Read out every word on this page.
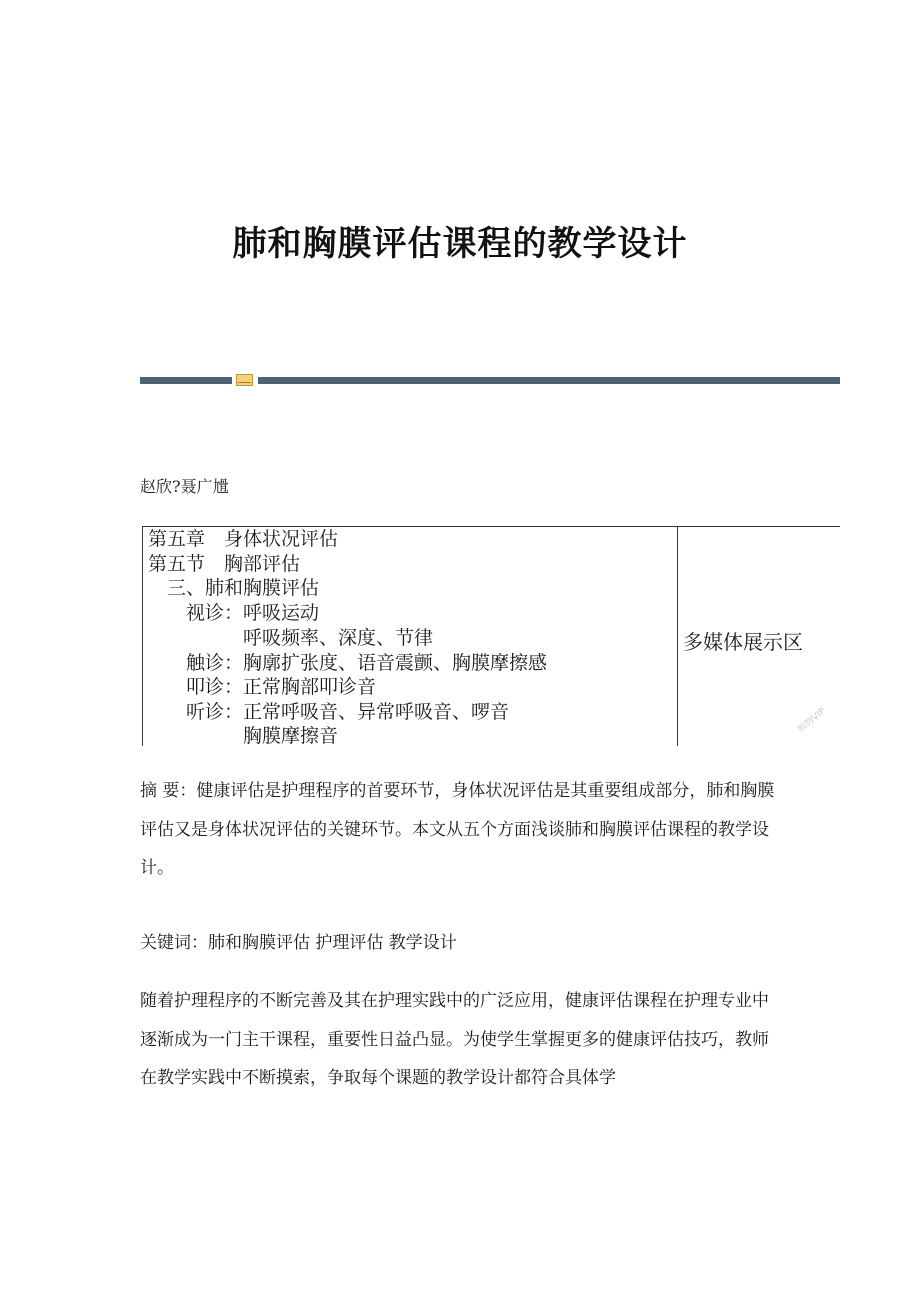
肺和胸膜评估课程的教学设计
赵欣?聂广尳
第五章　身体状况评估
第五节　胸部评估
　三、肺和胸膜评估
　　视诊：呼吸运动
　　　　　呼吸频率、深度、节律
　　触诊：胸廓扩张度、语音震颤、胸膜摩擦感
　　叩诊：正常胸部叩诊音
　　听诊：正常呼吸音、异常呼吸音、啰音
　　　　　胸膜摩擦音
多媒体展示区
购物VIP
摘 要：健康评估是护理程序的首要环节，身体状况评估是其重要组成部分，肺和胸膜评估又是身体状况评估的关键环节。本文从五个方面浅谈肺和胸膜评估课程的教学设计。
关键词：肺和胸膜评估 护理评估 教学设计
随着护理程序的不断完善及其在护理实践中的广泛应用，健康评估课程在护理专业中逐渐成为一门主干课程，重要性日益凸显。为使学生掌握更多的健康评估技巧，教师在教学实践中不断摸索，争取每个课题的教学设计都符合具体学
